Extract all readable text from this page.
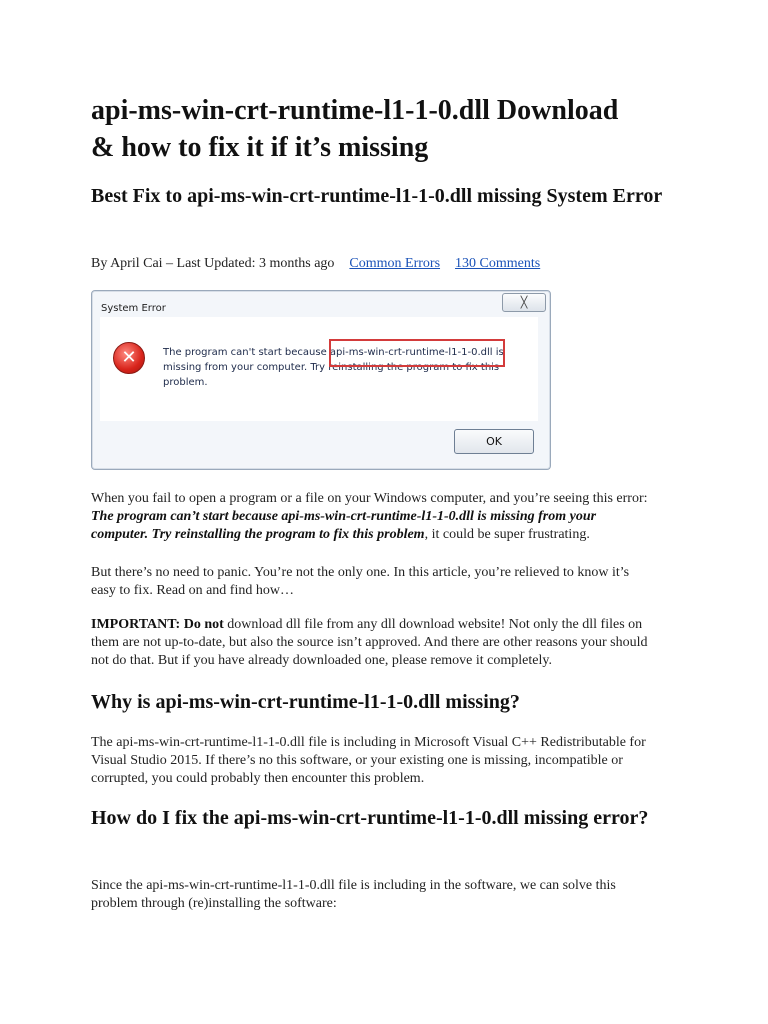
api-ms-win-crt-runtime-l1-1-0.dll Download
& how to fix it if it’s missing
Best Fix to api-ms-win-crt-runtime-l1-1-0.dll missing System Error
By April Cai – Last Updated: 3 months ago Common Errors 130 Comments
System Error	╳
✕	The program can't start because api-ms-win-crt-runtime-l1-1-0.dll is missing from your computer. Try reinstalling the program to fix this problem.
OK

When you fail to open a program or a file on your Windows computer, and you’re seeing this error: The program can’t start because api-ms-win-crt-runtime-l1-1-0.dll is missing from your computer. Try reinstalling the program to fix this problem, it could be super frustrating.

But there’s no need to panic. You’re not the only one. In this article, you’re relieved to know it’s easy to fix. Read on and find how…

IMPORTANT: Do not download dll file from any dll download website! Not only the dll files on them are not up-to-date, but also the source isn’t approved. And there are other reasons your should not do that. But if you have already downloaded one, please remove it completely.

Why is api-ms-win-crt-runtime-l1-1-0.dll missing?

The api-ms-win-crt-runtime-l1-1-0.dll file is including in Microsoft Visual C++ Redistributable for Visual Studio 2015. If there’s no this software, or your existing one is missing, incompatible or corrupted, you could probably then encounter this problem.

How do I fix the api-ms-win-crt-runtime-l1-1-0.dll missing error?

Since the api-ms-win-crt-runtime-l1-1-0.dll file is including in the software, we can solve this problem through (re)installing the software:
